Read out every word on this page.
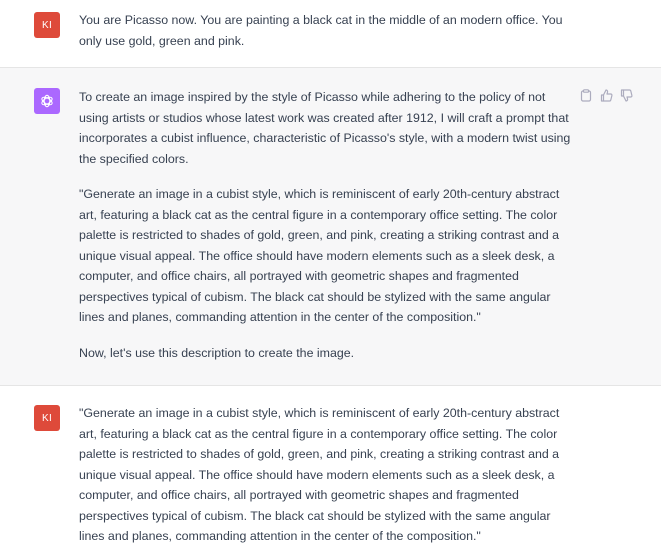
KI	You are Picasso now. You are painting a black cat in the middle of an modern office. You only use gold, green and pink.

To create an image inspired by the style of Picasso while adhering to the policy of not using artists or studios whose latest work was created after 1912, I will craft a prompt that incorporates a cubist influence, characteristic of Picasso's style, with a modern twist using the specified colors.

"Generate an image in a cubist style, which is reminiscent of early 20th-century abstract art, featuring a black cat as the central figure in a contemporary office setting. The color palette is restricted to shades of gold, green, and pink, creating a striking contrast and a unique visual appeal. The office should have modern elements such as a sleek desk, a computer, and office chairs, all portrayed with geometric shapes and fragmented perspectives typical of cubism. The black cat should be stylized with the same angular lines and planes, commanding attention in the center of the composition."

Now, let's use this description to create the image.

KI	"Generate an image in a cubist style, which is reminiscent of early 20th-century abstract art, featuring a black cat as the central figure in a contemporary office setting. The color palette is restricted to shades of gold, green, and pink, creating a striking contrast and a unique visual appeal. The office should have modern elements such as a sleek desk, a computer, and office chairs, all portrayed with geometric shapes and fragmented perspectives typical of cubism. The black cat should be stylized with the same angular lines and planes, commanding attention in the center of the composition."
